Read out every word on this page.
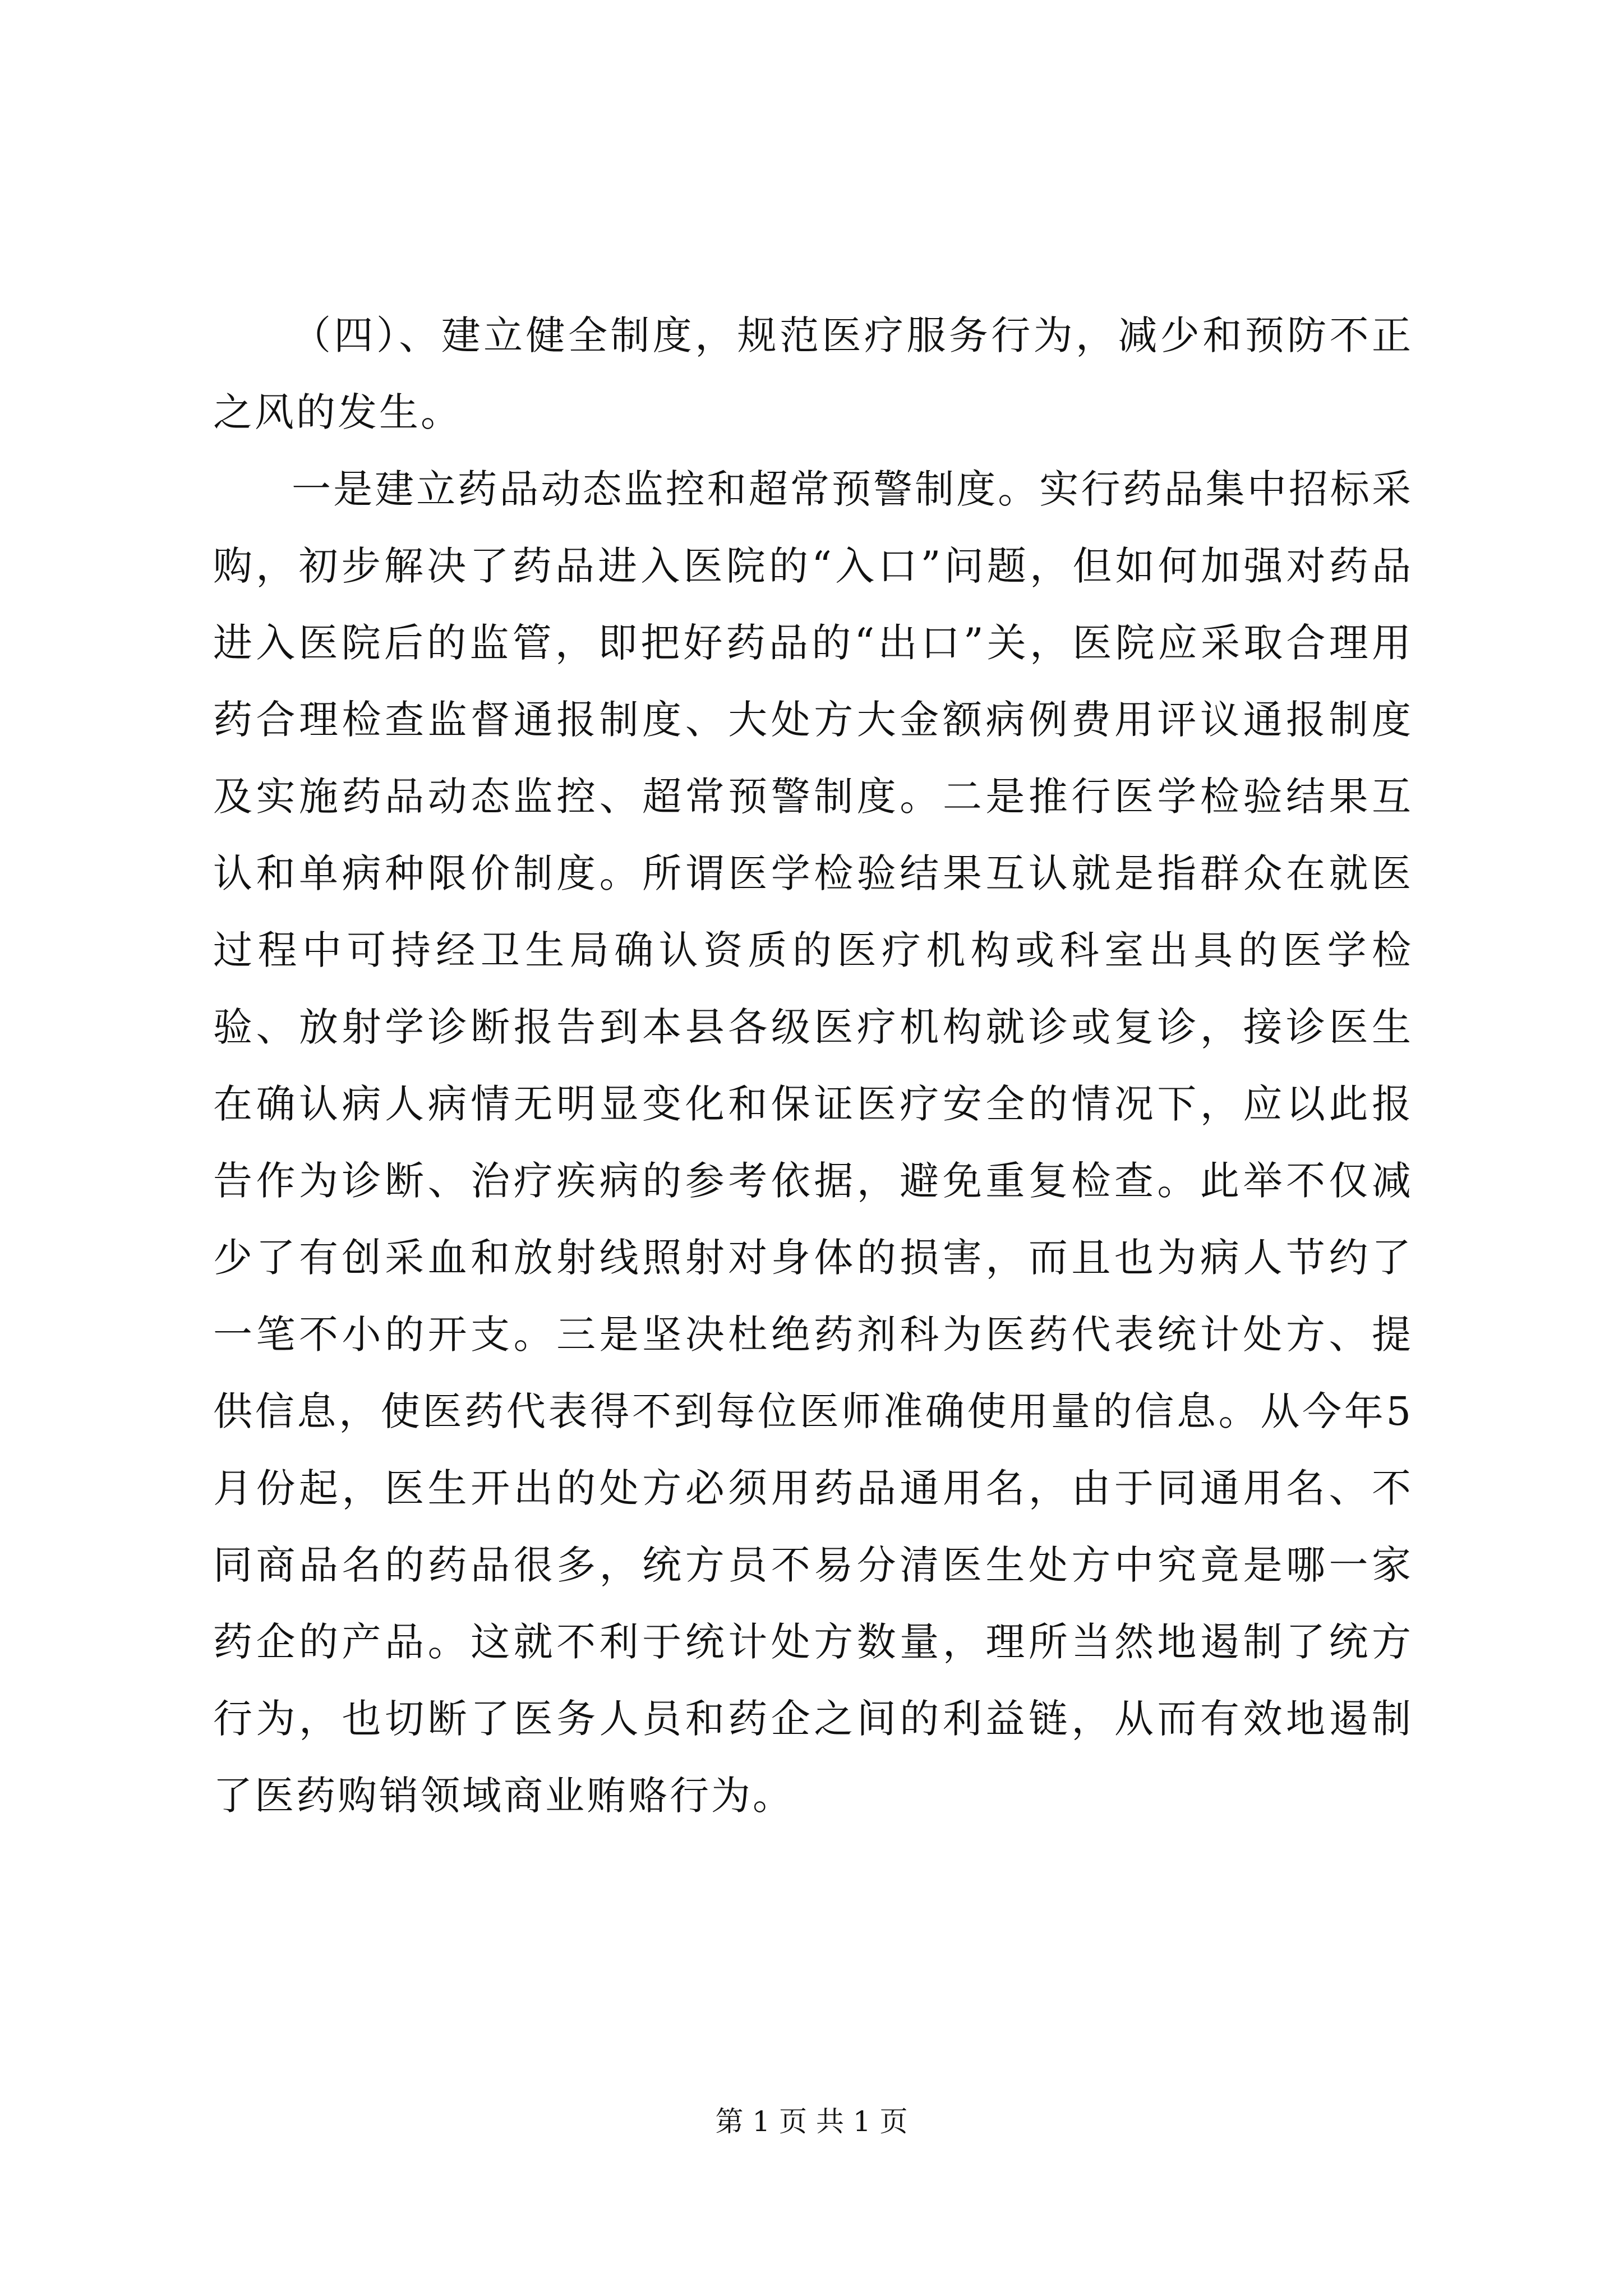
（四）、建立健全制度，规范医疗服务行为，减少和预防不正之风的发生。

一是建立药品动态监控和超常预警制度。实行药品集中招标采购，初步解决了药品进入医院的“入口”问题，但如何加强对药品进入医院后的监管，即把好药品的“出口”关，医院应采取合理用药合理检查监督通报制度、大处方大金额病例费用评议通报制度及实施药品动态监控、超常预警制度。二是推行医学检验结果互认和单病种限价制度。所谓医学检验结果互认就是指群众在就医过程中可持经卫生局确认资质的医疗机构或科室出具的医学检验、放射学诊断报告到本县各级医疗机构就诊或复诊，接诊医生在确认病人病情无明显变化和保证医疗安全的情况下，应以此报告作为诊断、治疗疾病的参考依据，避免重复检查。此举不仅减少了有创采血和放射线照射对身体的损害，而且也为病人节约了一笔不小的开支。三是坚决杜绝药剂科为医药代表统计处方、提供信息，使医药代表得不到每位医师准确使用量的信息。从今年5月份起，医生开出的处方必须用药品通用名，由于同通用名、不同商品名的药品很多，统方员不易分清医生处方中究竟是哪一家药企的产品。这就不利于统计处方数量，理所当然地遏制了统方行为，也切断了医务人员和药企之间的利益链，从而有效地遏制了医药购销领域商业贿赂行为。

第 1 页 共 1 页
